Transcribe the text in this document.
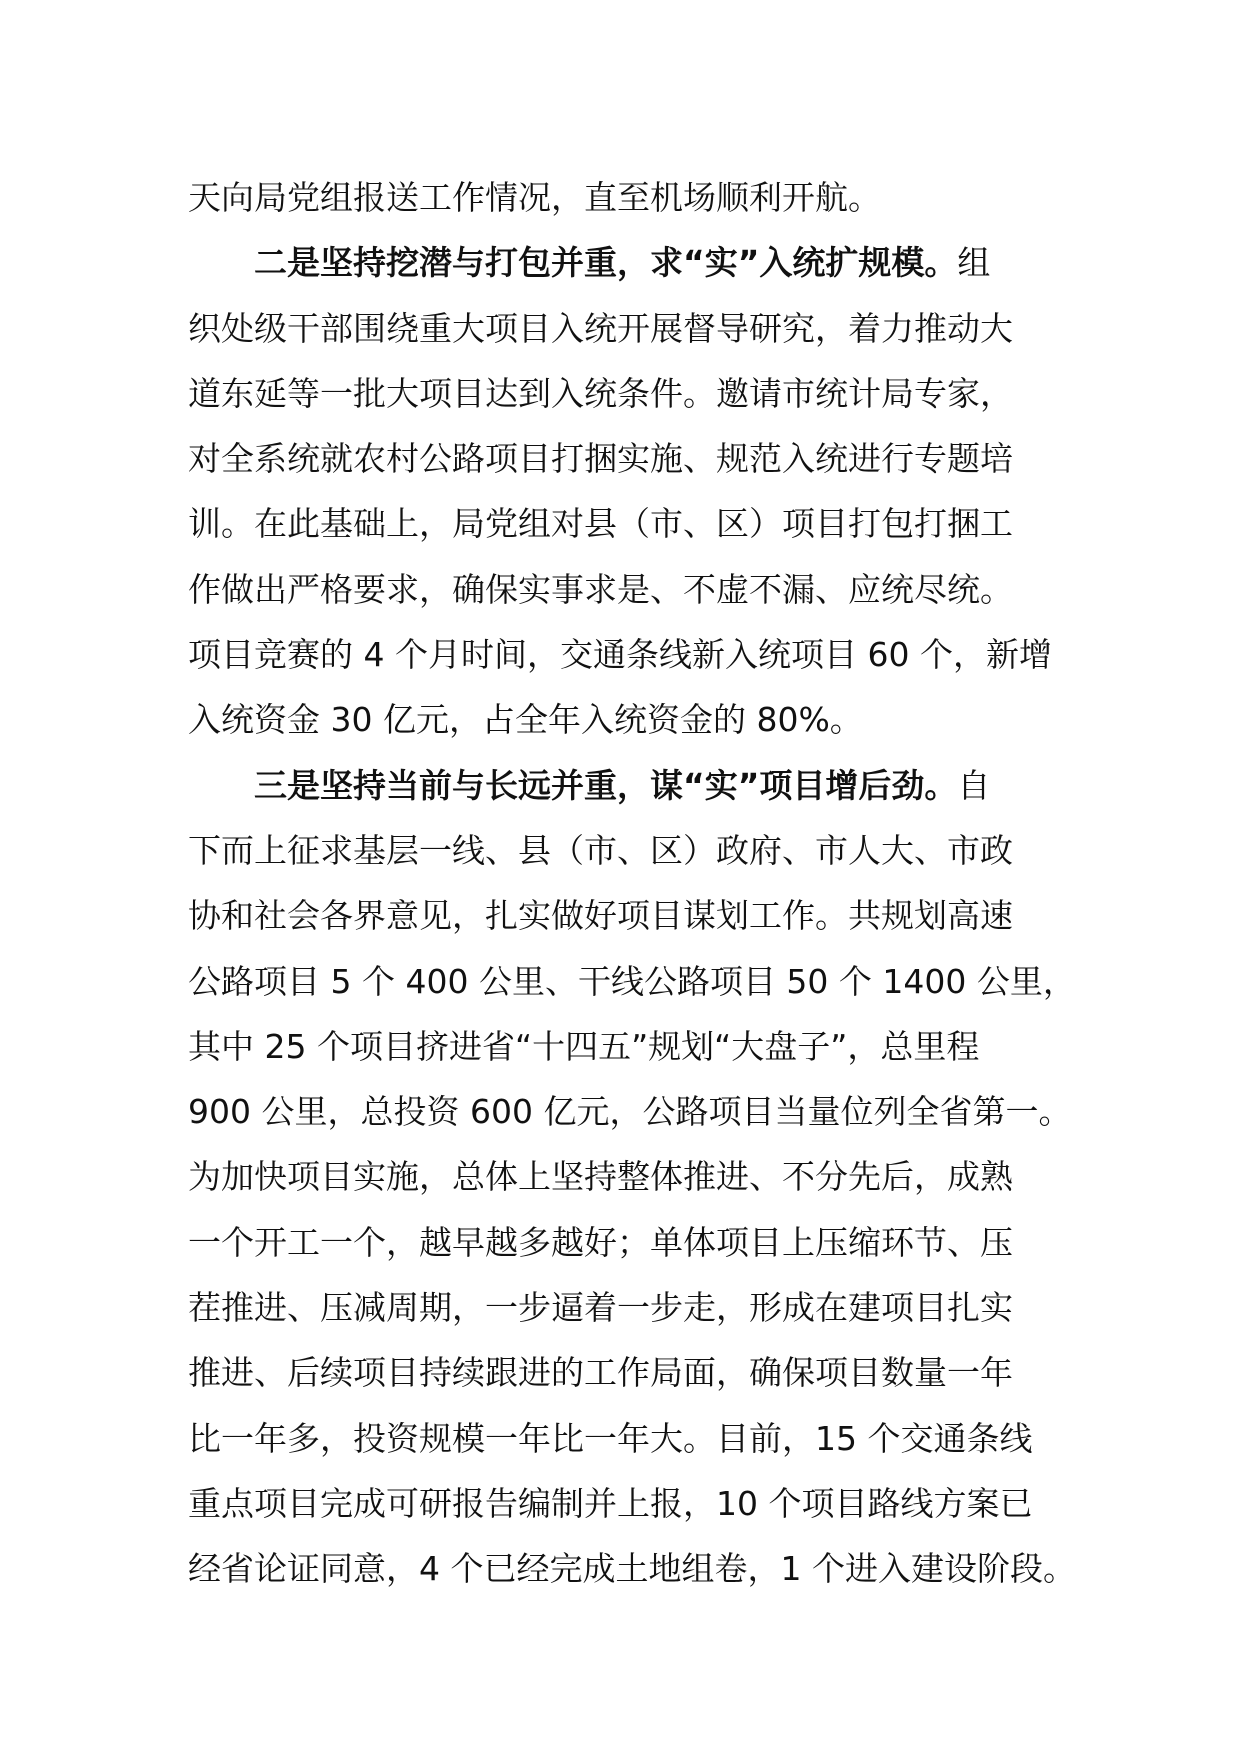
天向局党组报送工作情况，直至机场顺利开航。
二是坚持挖潜与打包并重，求“实”入统扩规模。组
织处级干部围绕重大项目入统开展督导研究，着力推动大
道东延等一批大项目达到入统条件。邀请市统计局专家，
对全系统就农村公路项目打捆实施、规范入统进行专题培
训。在此基础上，局党组对县（市、区）项目打包打捆工
作做出严格要求，确保实事求是、不虚不漏、应统尽统。
项目竞赛的 4 个月时间，交通条线新入统项目 60 个，新增
入统资金 30 亿元，占全年入统资金的 80%。
三是坚持当前与长远并重，谋“实”项目增后劲。自
下而上征求基层一线、县（市、区）政府、市人大、市政
协和社会各界意见，扎实做好项目谋划工作。共规划高速
公路项目 5 个 400 公里、干线公路项目 50 个 1400 公里，
其中 25 个项目挤进省“十四五”规划“大盘子”，总里程
900 公里，总投资 600 亿元，公路项目当量位列全省第一。
为加快项目实施，总体上坚持整体推进、不分先后，成熟
一个开工一个，越早越多越好；单体项目上压缩环节、压
茬推进、压减周期，一步逼着一步走，形成在建项目扎实
推进、后续项目持续跟进的工作局面，确保项目数量一年
比一年多，投资规模一年比一年大。目前，15 个交通条线
重点项目完成可研报告编制并上报，10 个项目路线方案已
经省论证同意，4 个已经完成土地组卷，1 个进入建设阶段。
